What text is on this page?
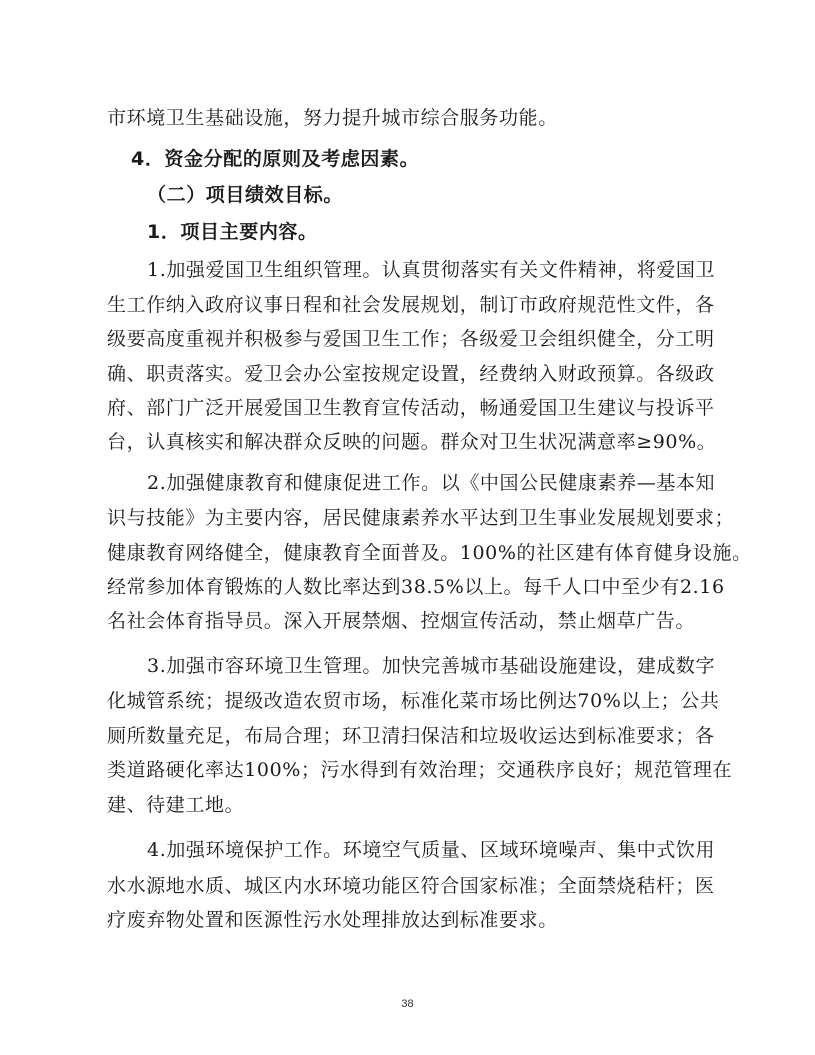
市环境卫生基础设施，努力提升城市综合服务功能。
4．资金分配的原则及考虑因素。
（二）项目绩效目标。
1．项目主要内容。
1.加强爱国卫生组织管理。认真贯彻落实有关文件精神，将爱国卫
生工作纳入政府议事日程和社会发展规划，制订市政府规范性文件，各
级要高度重视并积极参与爱国卫生工作；各级爱卫会组织健全，分工明
确、职责落实。爱卫会办公室按规定设置，经费纳入财政预算。各级政
府、部门广泛开展爱国卫生教育宣传活动，畅通爱国卫生建议与投诉平
台，认真核实和解决群众反映的问题。群众对卫生状况满意率≥90%。
2.加强健康教育和健康促进工作。以《中国公民健康素养—基本知
识与技能》为主要内容，居民健康素养水平达到卫生事业发展规划要求；
健康教育网络健全，健康教育全面普及。100%的社区建有体育健身设施。
经常参加体育锻炼的人数比率达到38.5%以上。每千人口中至少有2.16
名社会体育指导员。深入开展禁烟、控烟宣传活动，禁止烟草广告。
3.加强市容环境卫生管理。加快完善城市基础设施建设，建成数字
化城管系统；提级改造农贸市场，标准化菜市场比例达70%以上；公共
厕所数量充足，布局合理；环卫清扫保洁和垃圾收运达到标准要求；各
类道路硬化率达100%；污水得到有效治理；交通秩序良好；规范管理在
建、待建工地。
4.加强环境保护工作。环境空气质量、区域环境噪声、集中式饮用
水水源地水质、城区内水环境功能区符合国家标准；全面禁烧秸杆；医
疗废弃物处置和医源性污水处理排放达到标准要求。
38
